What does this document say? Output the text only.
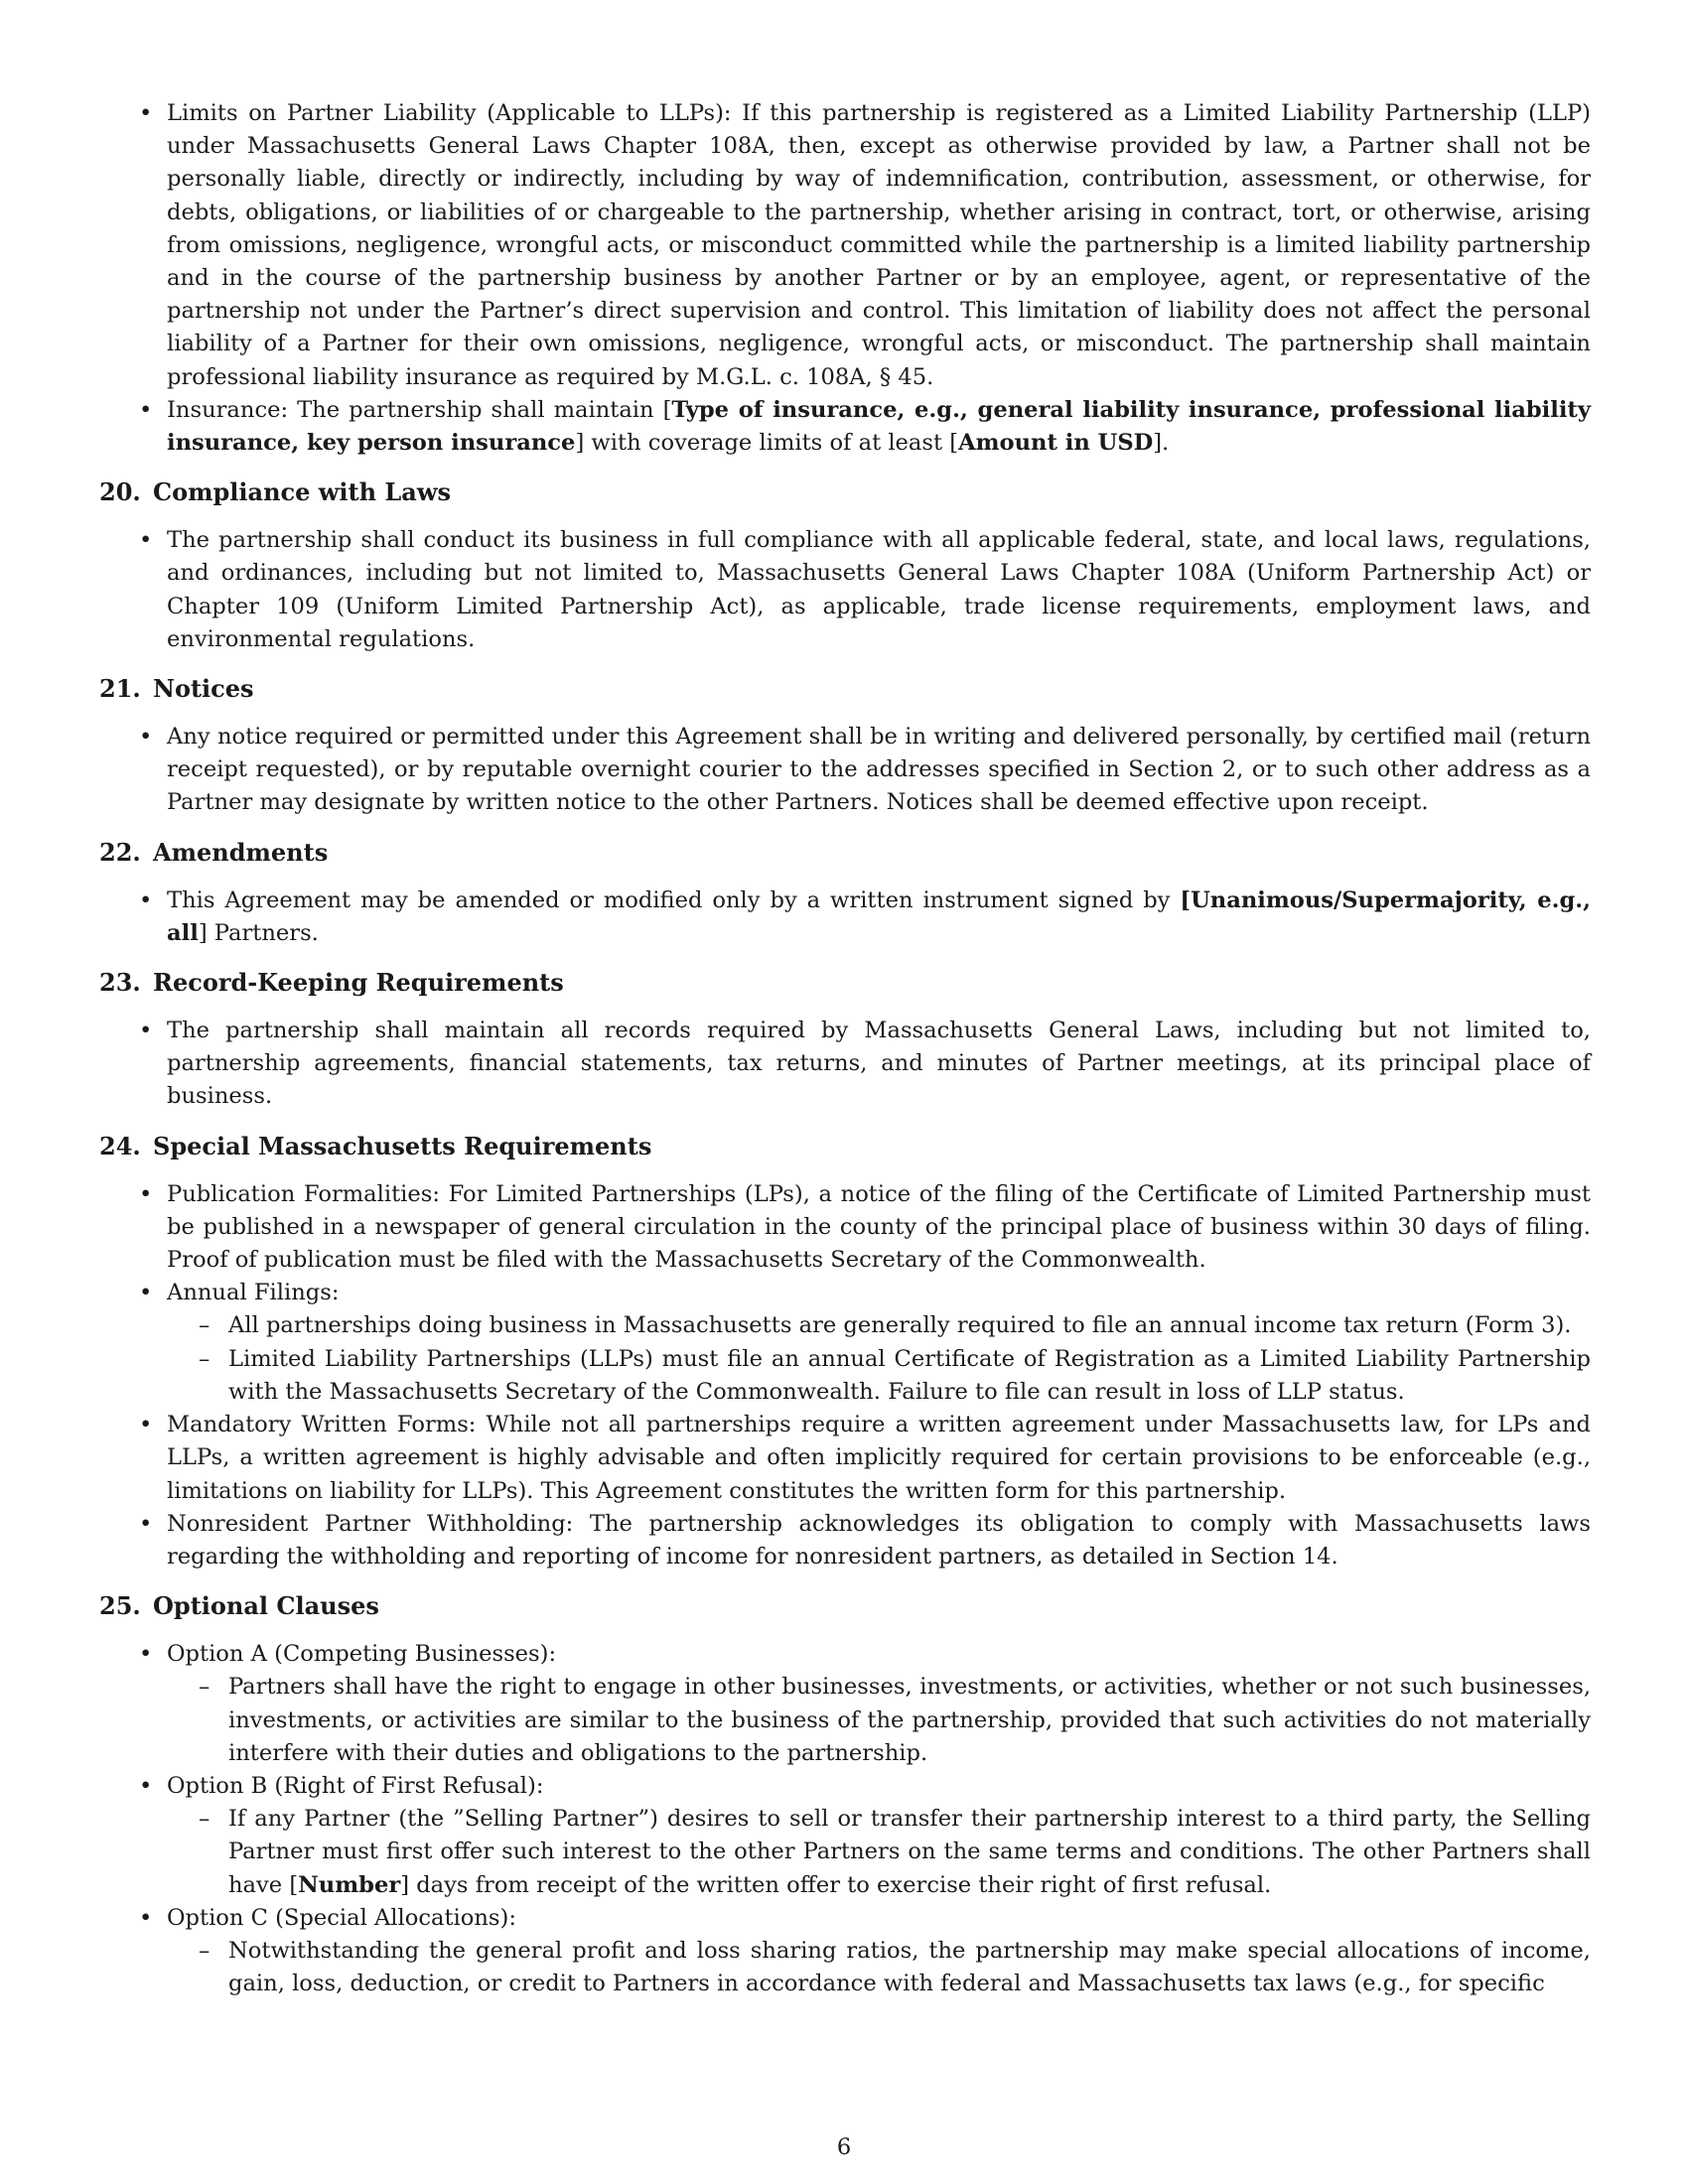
• Limits on Partner Liability (Applicable to LLPs): If this partnership is registered as a Limited Liability Partnership (LLP) under Massachusetts General Laws Chapter 108A, then, except as otherwise provided by law, a Partner shall not be personally liable, directly or indirectly, including by way of indemnification, contribution, assessment, or otherwise, for debts, obligations, or liabilities of or chargeable to the partnership, whether arising in contract, tort, or otherwise, arising from omissions, negligence, wrongful acts, or misconduct committed while the partnership is a limited liability partnership and in the course of the partnership business by another Partner or by an employee, agent, or representative of the partnership not under the Partner’s direct supervision and control. This limitation of liability does not affect the personal liability of a Partner for their own omissions, negligence, wrongful acts, or misconduct. The partnership shall maintain professional liability insurance as required by M.G.L. c. 108A, § 45.
• Insurance: The partnership shall maintain [Type of insurance, e.g., general liability insurance, professional liability insurance, key person insurance] with coverage limits of at least [Amount in USD].
20. Compliance with Laws
• The partnership shall conduct its business in full compliance with all applicable federal, state, and local laws, regulations, and ordinances, including but not limited to, Massachusetts General Laws Chapter 108A (Uniform Partnership Act) or Chapter 109 (Uniform Limited Partnership Act), as applicable, trade license requirements, employment laws, and environmental regulations.
21. Notices
• Any notice required or permitted under this Agreement shall be in writing and delivered personally, by certified mail (return receipt requested), or by reputable overnight courier to the addresses specified in Section 2, or to such other address as a Partner may designate by written notice to the other Partners. Notices shall be deemed effective upon receipt.
22. Amendments
• This Agreement may be amended or modified only by a written instrument signed by [Unanimous/Supermajority, e.g., all] Partners.
23. Record-Keeping Requirements
• The partnership shall maintain all records required by Massachusetts General Laws, including but not limited to, partnership agreements, financial statements, tax returns, and minutes of Partner meetings, at its principal place of business.
24. Special Massachusetts Requirements
• Publication Formalities: For Limited Partnerships (LPs), a notice of the filing of the Certificate of Limited Partnership must be published in a newspaper of general circulation in the county of the principal place of business within 30 days of filing. Proof of publication must be filed with the Massachusetts Secretary of the Commonwealth.
• Annual Filings:
– All partnerships doing business in Massachusetts are generally required to file an annual income tax return (Form 3).
– Limited Liability Partnerships (LLPs) must file an annual Certificate of Registration as a Limited Liability Partnership with the Massachusetts Secretary of the Commonwealth. Failure to file can result in loss of LLP status.
• Mandatory Written Forms: While not all partnerships require a written agreement under Massachusetts law, for LPs and LLPs, a written agreement is highly advisable and often implicitly required for certain provisions to be enforceable (e.g., limitations on liability for LLPs). This Agreement constitutes the written form for this partnership.
• Nonresident Partner Withholding: The partnership acknowledges its obligation to comply with Massachusetts laws regarding the withholding and reporting of income for nonresident partners, as detailed in Section 14.
25. Optional Clauses
• Option A (Competing Businesses):
– Partners shall have the right to engage in other businesses, investments, or activities, whether or not such businesses, investments, or activities are similar to the business of the partnership, provided that such activities do not materially interfere with their duties and obligations to the partnership.
• Option B (Right of First Refusal):
– If any Partner (the ”Selling Partner”) desires to sell or transfer their partnership interest to a third party, the Selling Partner must first offer such interest to the other Partners on the same terms and conditions. The other Partners shall have [Number] days from receipt of the written offer to exercise their right of first refusal.
• Option C (Special Allocations):
– Notwithstanding the general profit and loss sharing ratios, the partnership may make special allocations of income, gain, loss, deduction, or credit to Partners in accordance with federal and Massachusetts tax laws (e.g., for specific
6
